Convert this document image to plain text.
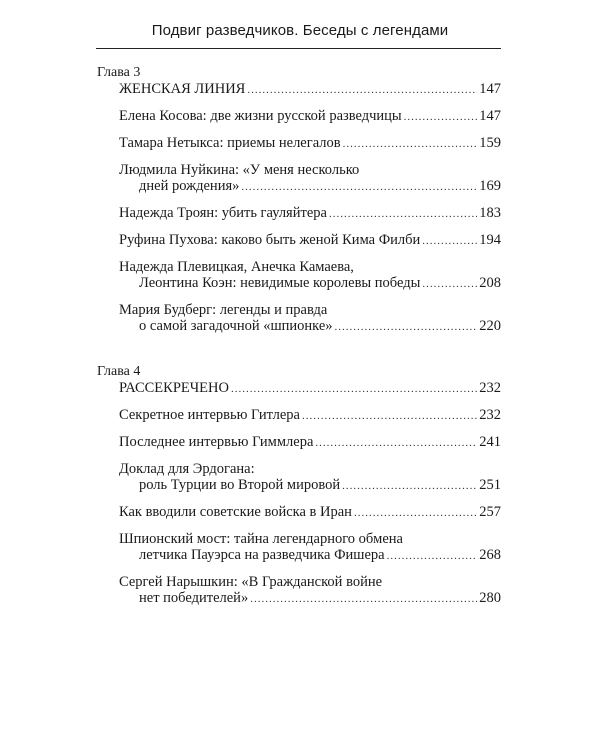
Подвиг разведчиков. Беседы с легендами
Глава 3
ЖЕНСКАЯ ЛИНИЯ .....	147
Елена Косова: две жизни русской разведчицы .....	147
Тамара Нетыкса: приемы нелегалов .....	159
Людмила Нуйкина: «У меня несколько
дней рождения» .....	169
Надежда Троян: убить гауляйтера .....	183
Руфина Пухова: каково быть женой Кима Филби .....	194
Надежда Плевицкая, Анечка Камаева,
Леонтина Коэн: невидимые королевы победы .....	208
Мария Будберг: легенды и правда
о самой загадочной «шпионке» .....	220
Глава 4
РАССЕКРЕЧЕНО .....	232
Секретное интервью Гитлера .....	232
Последнее интервью Гиммлера .....	241
Доклад для Эрдогана:
роль Турции во Второй мировой .....	251
Как вводили советские войска в Иран .....	257
Шпионский мост: тайна легендарного обмена
летчика Пауэрса на разведчика Фишера .....	268
Сергей Нарышкин: «В Гражданской войне
нет победителей» .....	280
